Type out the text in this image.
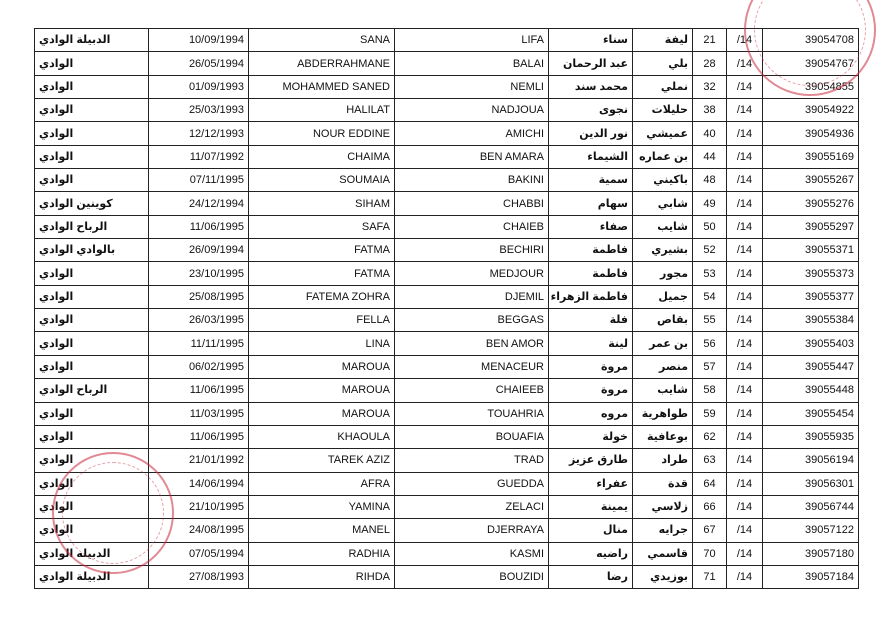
الدبيلة الوادي	10/09/1994	SANA	LIFA	سناء	ليفة	21	/14	39054708
الوادي	26/05/1994	ABDERRAHMANE	BALAI	عبد الرحمان	بلي	28	/14	39054767
الوادي	01/09/1993	MOHAMMED SANED	NEMLI	محمد سند	نملي	32	/14	39054855
الوادي	25/03/1993	HALILAT	NADJOUA	نجوى	حليلات	38	/14	39054922
الوادي	12/12/1993	NOUR EDDINE	AMICHI	نور الدين	عميشي	40	/14	39054936
الوادي	11/07/1992	CHAIMA	BEN AMARA	الشيماء	بن عماره	44	/14	39055169
الوادي	07/11/1995	SOUMAIA	BAKINI	سمية	باكيني	48	/14	39055267
كوينين الوادي	24/12/1994	SIHAM	CHABBI	سهام	شابي	49	/14	39055276
الرباح الوادي	11/06/1995	SAFA	CHAIEB	صفاء	شايب	50	/14	39055297
بالوادي الوادي	26/09/1994	FATMA	BECHIRI	فاطمة	بشيري	52	/14	39055371
الوادي	23/10/1995	FATMA	MEDJOUR	فاطمة	مجور	53	/14	39055373
الوادي	25/08/1995	FATEMA ZOHRA	DJEMIL	فاطمة الزهراء	جميل	54	/14	39055377
الوادي	26/03/1995	FELLA	BEGGAS	فلة	بقاص	55	/14	39055384
الوادي	11/11/1995	LINA	BEN AMOR	لينة	بن عمر	56	/14	39055403
الوادي	06/02/1995	MAROUA	MENACEUR	مروة	منصر	57	/14	39055447
الرباح الوادي	11/06/1995	MAROUA	CHAIEEB	مروة	شايب	58	/14	39055448
الوادي	11/03/1995	MAROUA	TOUAHRIA	مروه	طواهرية	59	/14	39055454
الوادي	11/06/1995	KHAOULA	BOUAFIA	خولة	بوعافية	62	/14	39055935
الوادي	21/01/1992	TAREK AZIZ	TRAD	طارق عزيز	طراد	63	/14	39056194
الوادي	14/06/1994	AFRA	GUEDDA	عفراء	قدة	64	/14	39056301
الوادي	21/10/1995	YAMINA	ZELACI	يمينة	زلاسي	66	/14	39056744
الوادي	24/08/1995	MANEL	DJERRAYA	منال	جرايه	67	/14	39057122
الدبيله الوادي	07/05/1994	RADHIA	KASMI	راضيه	قاسمي	70	/14	39057180
الدبيلة الوادي	27/08/1993	RIHDA	BOUZIDI	رضا	بوزيدي	71	/14	39057184
